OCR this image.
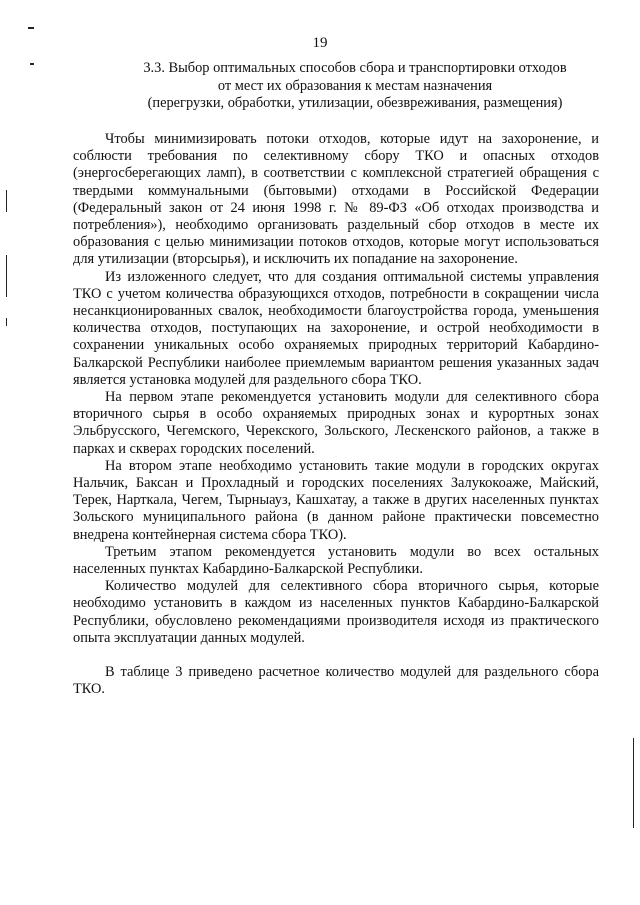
19
3.3. Выбор оптимальных способов сбора и транспортировки отходов
от мест их образования к местам назначения
(перегрузки, обработки, утилизации, обезвреживания, размещения)

Чтобы минимизировать потоки отходов, которые идут на захоронение, и соблюсти требования по селективному сбору ТКО и опасных отходов (энергосберегающих ламп), в соответствии с комплексной стратегией обращения с твердыми коммунальными (бытовыми) отходами в Российской Федерации (Федеральный закон от 24 июня 1998 г. № 89-ФЗ «Об отходах производства и потребления»), необходимо организовать раздельный сбор отходов в месте их образования с целью минимизации потоков отходов, которые могут использоваться для утилизации (вторсырья), и исключить их попадание на захоронение.

Из изложенного следует, что для создания оптимальной системы управления ТКО с учетом количества образующихся отходов, потребности в сокращении числа несанкционированных свалок, необходимости благоустройства города, уменьшения количества отходов, поступающих на захоронение, и острой необходимости в сохранении уникальных особо охраняемых природных территорий Кабардино-Балкарской Республики наиболее приемлемым вариантом решения указанных задач является установка модулей для раздельного сбора ТКО.

На первом этапе рекомендуется установить модули для селективного сбора вторичного сырья в особо охраняемых природных зонах и курортных зонах Эльбрусского, Чегемского, Черекского, Зольского, Лескенского районов, а также в парках и скверах городских поселений.

На втором этапе необходимо установить такие модули в городских округах Нальчик, Баксан и Прохладный и городских поселениях Залукокоаже, Майский, Терек, Нарткала, Чегем, Тырныауз, Кашхатау, а также в других населенных пунктах Зольского муниципального района (в данном районе практически повсеместно внедрена контейнерная система сбора ТКО).

Третьим этапом рекомендуется установить модули во всех остальных населенных пунктах Кабардино-Балкарской Республики.

Количество модулей для селективного сбора вторичного сырья, которые необходимо установить в каждом из населенных пунктов Кабардино-Балкарской Республики, обусловлено рекомендациями производителя исходя из практического опыта эксплуатации данных модулей.

В таблице 3 приведено расчетное количество модулей для раздельного сбора ТКО.
